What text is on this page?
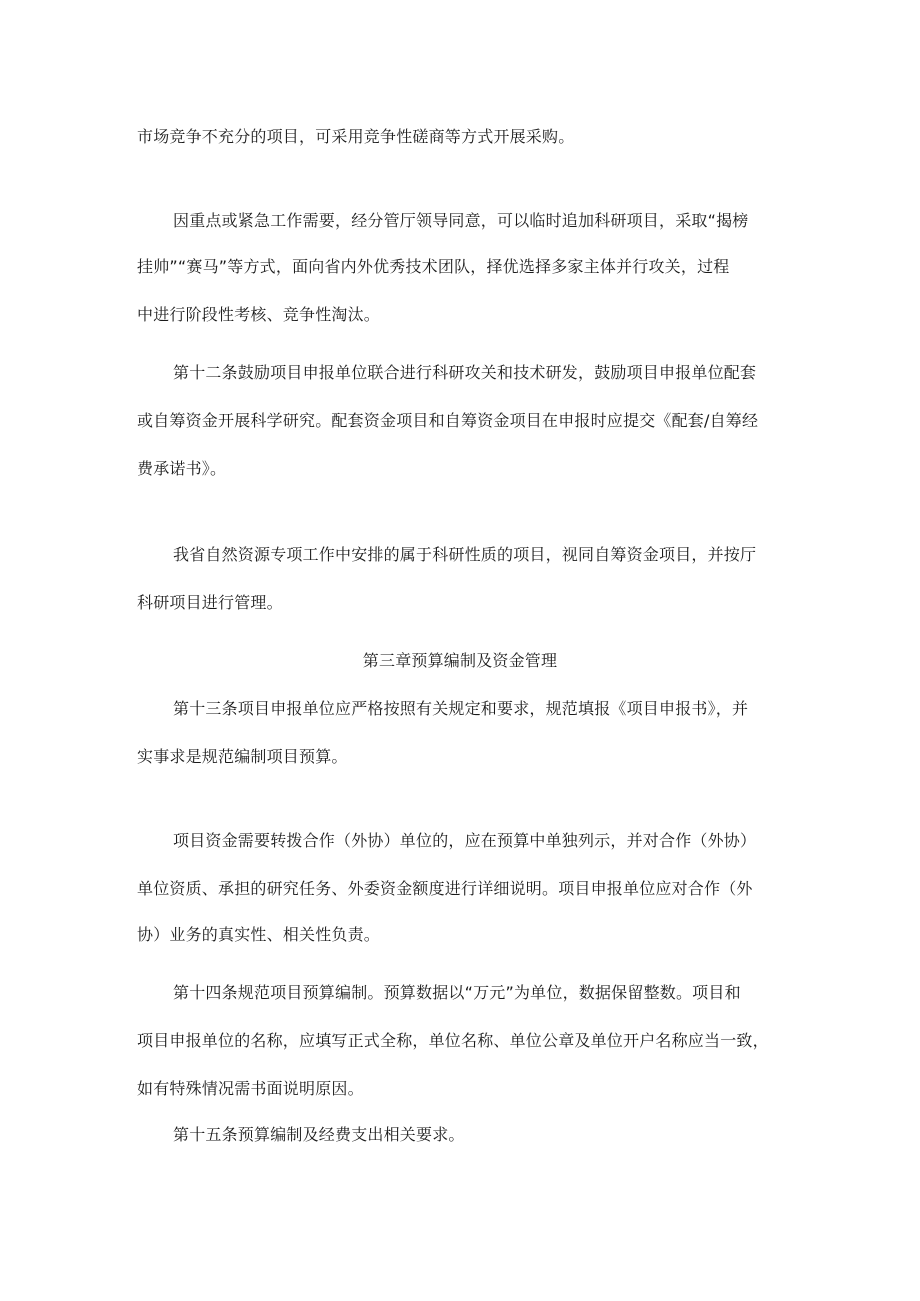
市场竞争不充分的项目，可采用竞争性磋商等方式开展采购。
因重点或紧急工作需要，经分管厅领导同意，可以临时追加科研项目，采取“揭榜
挂帅”“赛马”等方式，面向省内外优秀技术团队，择优选择多家主体并行攻关，过程
中进行阶段性考核、竞争性淘汰。
第十二条鼓励项目申报单位联合进行科研攻关和技术研发，鼓励项目申报单位配套
或自筹资金开展科学研究。配套资金项目和自筹资金项目在申报时应提交《配套/自筹经
费承诺书》。
我省自然资源专项工作中安排的属于科研性质的项目，视同自筹资金项目，并按厅
科研项目进行管理。
第三章预算编制及资金管理
第十三条项目申报单位应严格按照有关规定和要求，规范填报《项目申报书》，并
实事求是规范编制项目预算。
项目资金需要转拨合作（外协）单位的，应在预算中单独列示，并对合作（外协）
单位资质、承担的研究任务、外委资金额度进行详细说明。项目申报单位应对合作（外
协）业务的真实性、相关性负责。
第十四条规范项目预算编制。预算数据以“万元”为单位，数据保留整数。项目和
项目申报单位的名称，应填写正式全称，单位名称、单位公章及单位开户名称应当一致，
如有特殊情况需书面说明原因。
第十五条预算编制及经费支出相关要求。
